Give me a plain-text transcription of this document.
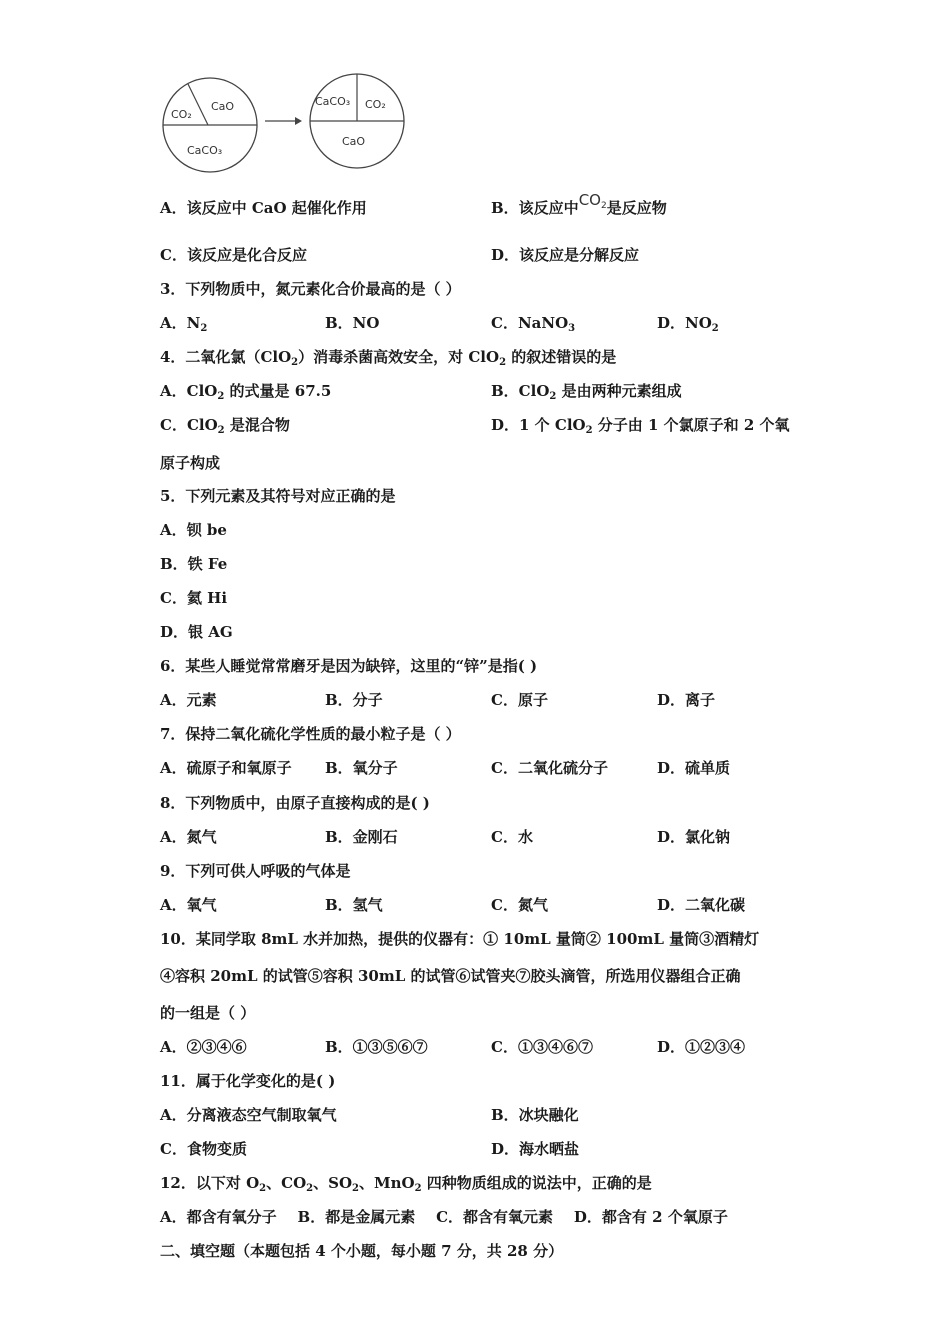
CO₂
CaO
CaCO₃
CaCO₃ CO₂
CaO
A．该反应中 CaO 起催化作用	B．该反应中$CO_2$是反应物
C．该反应是化合反应	D．该反应是分解反应
3．下列物质中，氮元素化合价最高的是（ ）
A．$N_2$	B．NO	C．NaNO$_3$	D．$NO_2$
4．二氧化氯（ClO$_2$）消毒杀菌高效安全，对 ClO$_2$ 的叙述错误的是
A．ClO$_2$ 的式量是 67.5	B．ClO$_2$ 是由两种元素组成
C．ClO$_2$ 是混合物	D．1 个 ClO$_2$ 分子由 1 个氯原子和 2 个氧
原子构成
5．下列元素及其符号对应正确的是
A．钡 be
B．铁 Fe
C．氦 Hi
D．银 AG
6．某些人睡觉常常磨牙是因为缺锌，这里的“锌”是指( )
A．元素	B．分子	C．原子	D．离子
7．保持二氧化硫化学性质的最小粒子是（ ）
A．硫原子和氧原子 B．氧分子	C．二氧化硫分子	D．硫单质
8．下列物质中，由原子直接构成的是( )
A．氮气	B．金刚石	C．水	D．氯化钠
9．下列可供人呼吸的气体是
A．氧气	B．氢气	C．氮气	D．二氧化碳
10．某同学取 8mL 水并加热，提供的仪器有：① 10mL 量筒② 100mL 量筒③酒精灯
④容积 20mL 的试管⑤容积 30mL 的试管⑥试管夹⑦胶头滴管，所选用仪器组合正确
的一组是（ ）
A．②③④⑥	B．①③⑤⑥⑦	C．①③④⑥⑦	D．①②③④
11．属于化学变化的是( )
A．分离液态空气制取氧气	B．冰块融化
C．食物变质	D．海水晒盐
12．以下对 $O_2$、$CO_2$、$SO_2$、MnO$_2$ 四种物质组成的说法中，正确的是
A．都含有氧分子    B．都是金属元素    C．都含有氧元素    D．都含有 2 个氧原子
二、填空题（本题包括 4 个小题，每小题 7 分，共 28 分）
